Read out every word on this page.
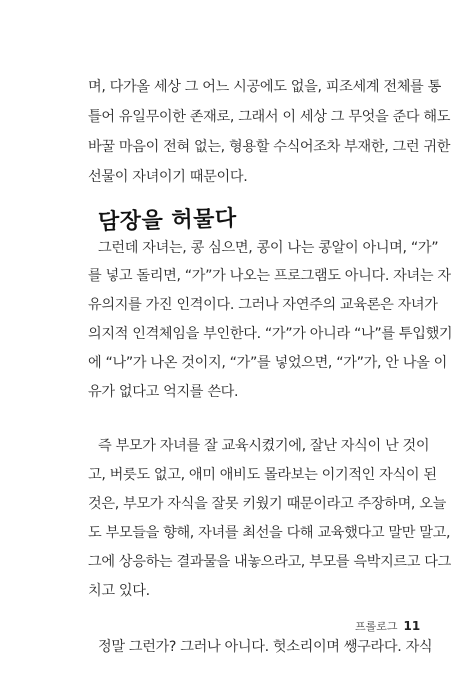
며, 다가올 세상 그 어느 시공에도 없을, 피조세계 전체를 통
틀어 유일무이한 존재로, 그래서 이 세상 그 무엇을 준다 해도
바꿀 마음이 전혀 없는, 형용할 수식어조차 부재한, 그런 귀한
선물이 자녀이기 때문이다.
담장을 허물다
그런데 자녀는, 콩 심으면, 콩이 나는 콩알이 아니며, “가”
를 넣고 돌리면, “가”가 나오는 프로그램도 아니다. 자녀는 자
유의지를 가진 인격이다. 그러나 자연주의 교육론은 자녀가
의지적 인격체임을 부인한다. “가”가 아니라 “나”를 투입했기
에 “나”가 나온 것이지, “가”를 넣었으면, “가”가, 안 나올 이
유가 없다고 억지를 쓴다.
즉 부모가 자녀를 잘 교육시켰기에, 잘난 자식이 난 것이
고, 버릇도 없고, 애미 애비도 몰라보는 이기적인 자식이 된
것은, 부모가 자식을 잘못 키웠기 때문이라고 주장하며, 오늘
도 부모들을 향해, 자녀를 최선을 다해 교육했다고 말만 말고,
그에 상응하는 결과물을 내놓으라고, 부모를 윽박지르고 다그
치고 있다.
정말 그런가? 그러나 아니다. 헛소리이며 쌩구라다. 자식
프롤로그 11
